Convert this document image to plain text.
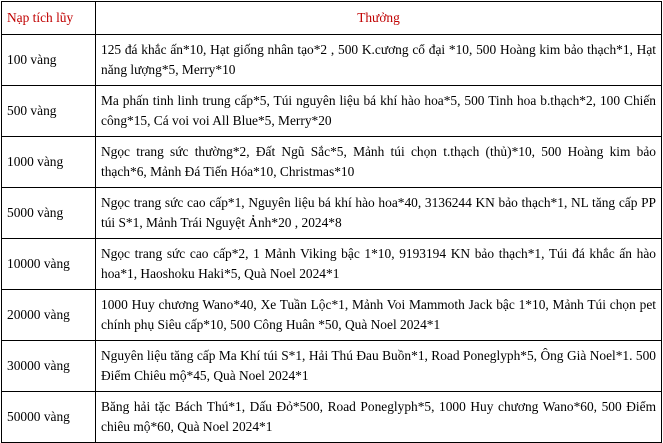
Nạp tích lũy	Thưởng
100 vàng	125 đá khắc ấn*10, Hạt giống nhân tạo*2 , 500 K.cương cổ đại *10, 500 Hoàng kim bảo thạch*1, Hạt năng lượng*5, Merry*10
500 vàng	Ma phấn tinh linh trung cấp*5, Túi nguyên liệu bá khí hào hoa*5, 500 Tinh hoa b.thạch*2, 100 Chiến công*15, Cá voi voi All Blue*5, Merry*20
1000 vàng	Ngọc trang sức thường*2, Đất Ngũ Sắc*5, Mảnh túi chọn t.thạch (thủ)*10, 500 Hoàng kim bảo thạch*6, Mảnh Đá Tiến Hóa*10, Christmas*10
5000 vàng	Ngọc trang sức cao cấp*1, Nguyên liệu bá khí hào hoa*40, 3136244 KN bảo thạch*1, NL tăng cấp PP túi S*1, Mảnh Trái Nguyệt Ảnh*20 , 2024*8
10000 vàng	Ngọc trang sức cao cấp*2, 1 Mảnh Viking bậc 1*10, 9193194 KN bảo thạch*1, Túi đá khắc ấn hào hoa*1, Haoshoku Haki*5, Quà Noel 2024*1
20000 vàng	1000 Huy chương Wano*40, Xe Tuần Lộc*1, Mảnh Voi Mammoth Jack bậc 1*10, Mảnh Túi chọn pet chính phụ Siêu cấp*10, 500 Công Huân *50, Quà Noel 2024*1
30000 vàng	Nguyên liệu tăng cấp Ma Khí túi S*1, Hải Thú Đau Buồn*1, Road Poneglyph*5, Ông Già Noel*1. 500 Điểm Chiêu mộ*45, Quà Noel 2024*1
50000 vàng	Băng hải tặc Bách Thú*1, Dấu Đỏ*500, Road Poneglyph*5, 1000 Huy chương Wano*60, 500 Điểm chiêu mộ*60, Quà Noel 2024*1
